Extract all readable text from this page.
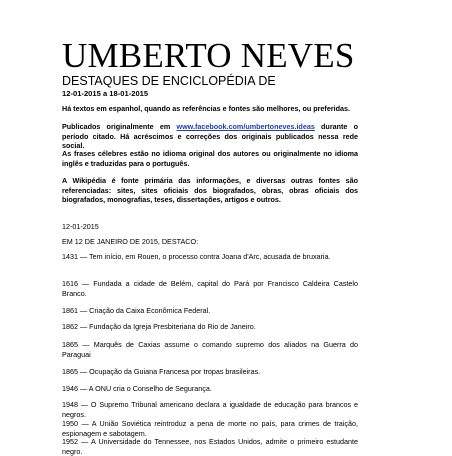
UMBERTO NEVES
DESTAQUES DE ENCICLOPÉDIA DE
12-01-2015 a 18-01-2015
Há textos em espanhol, quando as referências e fontes são melhores, ou preferidas.
Publicados originalmente em www.facebook.com/umbertoneves.ideas durante o período citado. Há acréscimos e correções dos originais publicados nessa rede social.
As frases célebres estão no idioma original dos autores ou originalmente no idioma inglês e traduzidas para o português.
A Wikipédia é fonte primária das informações, e diversas outras fontes são referenciadas: sites, sites oficiais dos biografados, obras, obras oficiais dos biografados, monografias, teses, dissertações, artigos e outros.
12-01-2015
EM 12 DE JANEIRO DE 2015, DESTACO:
1431 — Tem início, em Rouen, o processo contra Joana d'Arc, acusada de bruxaria.
1616 — Fundada a cidade de Belém, capital do Pará por Francisco Caldeira Castelo Branco.
1861 — Criação da Caixa Econômica Federal.
1862 — Fundação da Igreja Presbiteriana do Rio de Janeiro.
1865 — Marquês de Caxias assume o comando supremo dos aliados na Guerra do Paraguai
1865 — Ocupação da Guiana Francesa por tropas brasileiras.
1946 — A ONU cria o Conselho de Segurança.
1948 — O Supremo Tribunal americano declara a igualdade de educação para brancos e negros.
1950 — A União Soviética reintroduz a pena de morte no país, para crimes de traição, espionagem e sabotagem.
1952 — A Universidade do Tennessee, nos Estados Unidos, admite o primeiro estudante negro.
